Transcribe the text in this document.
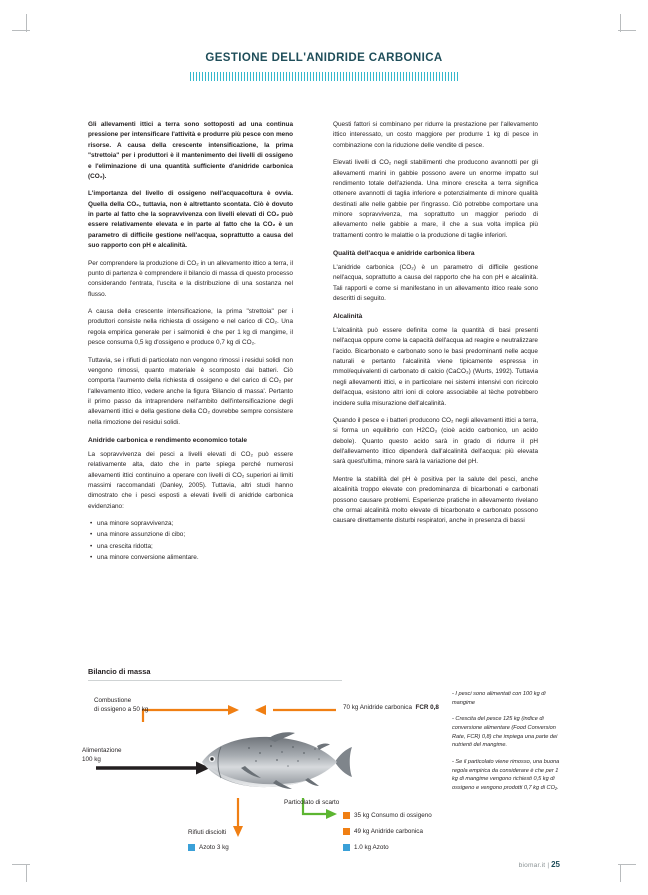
GESTIONE DELL'ANIDRIDE CARBONICA

Gli allevamenti ittici a terra sono sottoposti ad una continua pressione per intensificare l'attività e produrre più pesce con meno risorse. A causa della crescente intensificazione, la prima "strettoia" per i produttori è il mantenimento dei livelli di ossigeno e l'eliminazione di una quantità sufficiente d'anidride carbonica (CO₂).

L'importanza del livello di ossigeno nell'acquacoltura è ovvia. Quella della CO₂, tuttavia, non è altrettanto scontata. Ciò è dovuto in parte al fatto che la sopravvivenza con livelli elevati di CO₂ può essere relativamente elevata e in parte al fatto che la CO₂ è un parametro di difficile gestione nell'acqua, soprattutto a causa del suo rapporto con pH e alcalinità.

Per comprendere la produzione di CO₂ in un allevamento ittico a terra, il punto di partenza è comprendere il bilancio di massa di questo processo considerando l'entrata, l'uscita e la distribuzione di una sostanza nel flusso.

A causa della crescente intensificazione, la prima "strettoia" per i produttori consiste nella richiesta di ossigeno e nel carico di CO₂. Una regola empirica generale per i salmonidi è che per 1 kg di mangime, il pesce consuma 0,5 kg d'ossigeno e produce 0,7 kg di CO₂.

Tuttavia, se i rifiuti di particolato non vengono rimossi i residui solidi non vengono rimossi, quanto materiale è scomposto dai batteri. Ciò comporta l'aumento della richiesta di ossigeno e del carico di CO₂ per l'allevamento ittico, vedere anche la figura 'Bilancio di massa'. Pertanto il primo passo da intraprendere nell'ambito dell'intensificazione degli allevamenti ittici e della gestione della CO₂ dovrebbe sempre consistere nella rimozione dei residui solidi.

Anidride carbonica e rendimento economico totale

La sopravvivenza dei pesci a livelli elevati di CO₂ può essere relativamente alta, dato che in parte spiega perché numerosi allevamenti ittici continuino a operare con livelli di CO₂ superiori ai limiti massimi raccomandati (Danley, 2005). Tuttavia, altri studi hanno dimostrato che i pesci esposti a elevati livelli di anidride carbonica evidenziano:

• una minore sopravvivenza;
• una minore assunzione di cibo;
• una crescita ridotta;
• una minore conversione alimentare.

Questi fattori si combinano per ridurre la prestazione per l'allevamento ittico interessato, un costo maggiore per produrre 1 kg di pesce in combinazione con la riduzione delle vendite di pesce.

Elevati livelli di CO₂ negli stabilimenti che producono avannotti per gli allevamenti marini in gabbie possono avere un enorme impatto sul rendimento totale dell'azienda. Una minore crescita a terra significa ottenere avannotti di taglia inferiore e potenzialmente di minore qualità destinati alle nelle gabbie per l'ingrasso. Ciò potrebbe comportare una minore sopravvivenza, ma soprattutto un maggior periodo di allevamento nelle gabbie a mare, il che a sua volta implica più trattamenti contro le malattie o la produzione di taglie inferiori.

Qualità dell'acqua e anidride carbonica libera

L'anidride carbonica (CO₂) è un parametro di difficile gestione nell'acqua, soprattutto a causa del rapporto che ha con pH e alcalinità. Tali rapporti e come si manifestano in un allevamento ittico reale sono descritti di seguito.

Alcalinità

L'alcalinità può essere definita come la quantità di basi presenti nell'acqua oppure come la capacità dell'acqua ad reagire e neutralizzare l'acido. Bicarbonato e carbonato sono le basi predominanti nelle acque naturali e pertanto l'alcalinità viene tipicamente espressa in mmol/equivalenti di carbonato di calcio (CaCO₃) (Wurts, 1992). Tuttavia negli allevamenti ittici, e in particolare nei sistemi intensivi con ricircolo dell'acqua, esistono altri ioni di colore associabile al tèche potrebbero incidere sulla misurazione dell'alcalinità.

Quando il pesce e i batteri producono CO₂ negli allevamenti ittici a terra, si forma un equilibrio con H2CO₃ (cioè acido carbonico, un acido debole). Quanto questo acido sarà in grado di ridurre il pH dell'allevamento ittico dipenderà dall'alcalinità dell'acqua: più elevata sarà quest'ultima, minore sarà la variazione del pH.

Mentre la stabilità del pH è positiva per la salute del pesci, anche alcalinità troppo elevate con predominanza di bicarbonati e carbonati possono causare problemi. Esperienze pratiche in allevamento rivelano che ormai alcalinità molto elevate di bicarbonato e carbonato possono causare direttamente disturbi respiratori, anche in presenza di bassi

Bilancio di massa
Combustione
di ossigeno a 50 kg
Alimentazione
100 kg
70 kg Anidride carbonica FCR 0,8
Particolato di scarto
35 kg Consumo di ossigeno
49 kg Anidride carbonica
1.0 kg Azoto
Rifiuti disciolti
Azoto 3 kg

- I pesci sono alimentati con 100 kg di mangime

- Crescita del pesce 125 kg (indice di conversione alimentare (Food Conversion Rate, FCR) 0,8) che impiega una parte dei nutrienti del mangime.

- Se il particolato viene rimosso, una buona regola empirica da considerare è che per 1 kg di mangime vengono richiesti 0,5 kg di ossigeno e vengono prodotti 0,7 kg di CO₂.

biomar.it | 25
